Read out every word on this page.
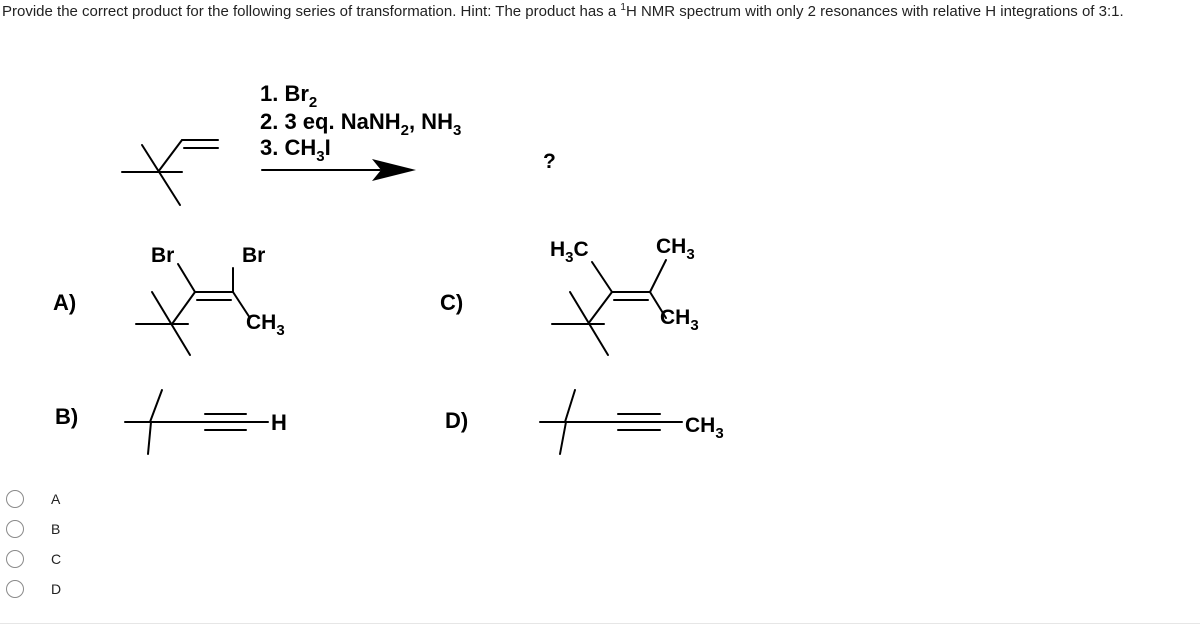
Provide the correct product for the following series of transformation. Hint: The product has a $^1$H NMR spectrum with only 2 resonances with relative H integrations of 3:1.
1. $Br_2$
2. 3 eq. NaNH$_2$, $NH_3$
3. $CH_3I$
?
A)	C)
B)	D)
Br	Br
$CH_3$
$H_3C$	$CH_3$
$CH_3$
H	$CH_3$
A
B
C
D
